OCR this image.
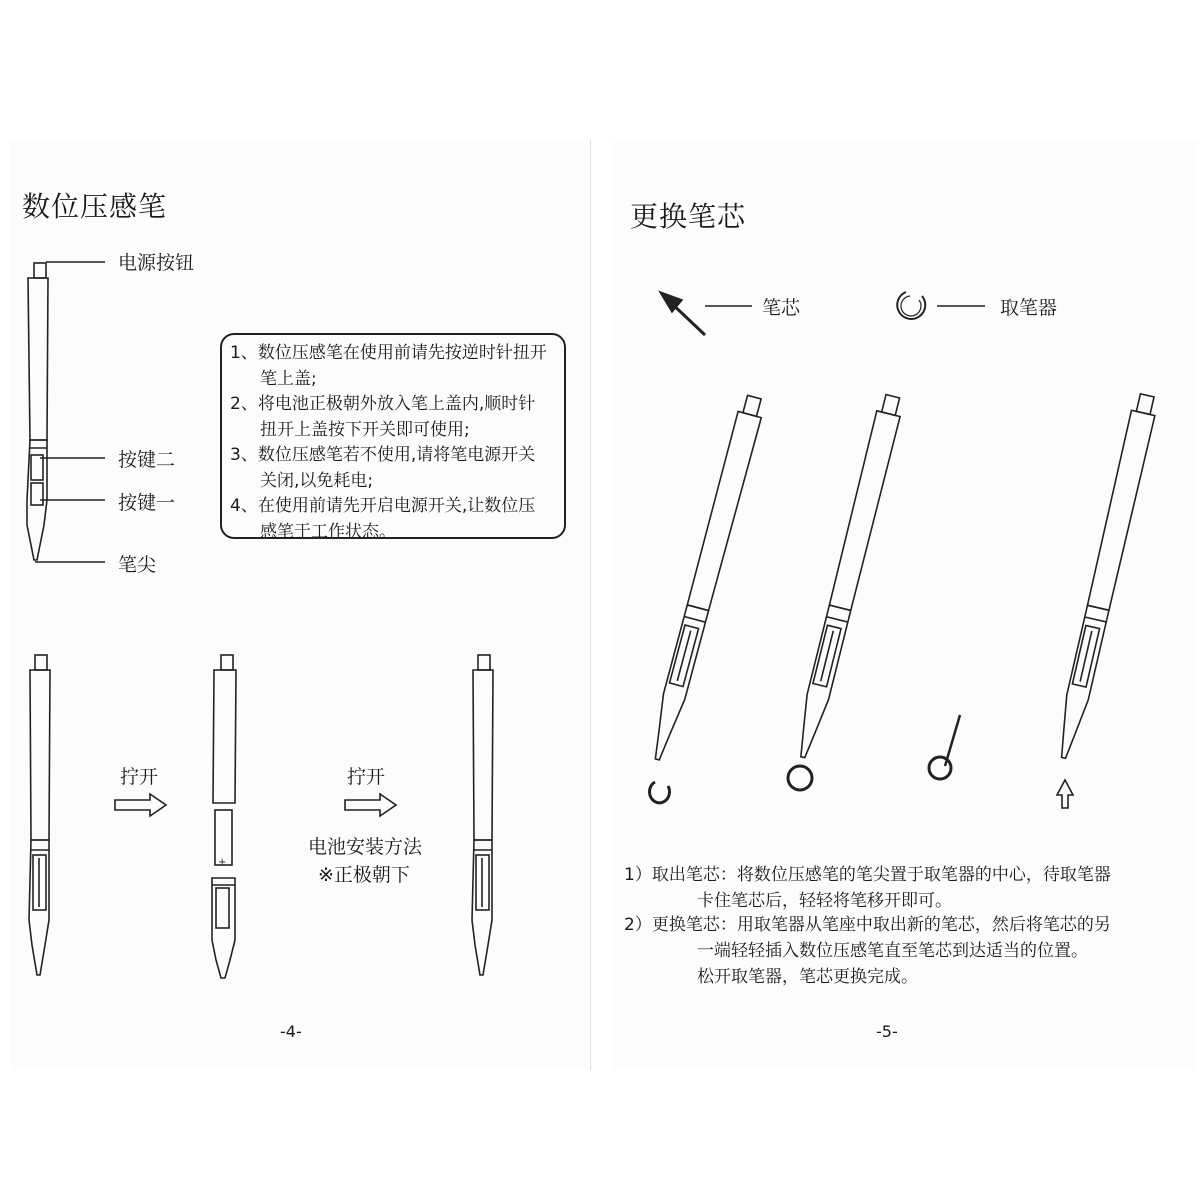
+
数位压感笔
电源按钮
按键二
按键一
笔尖
1、数位压感笔在使用前请先按逆时针扭开
笔上盖;
2、将电池正极朝外放入笔上盖内,顺时针
扭开上盖按下开关即可使用;
3、数位压感笔若不使用,请将笔电源开关
关闭,以免耗电;
4、在使用前请先开启电源开关,让数位压
感笔于工作状态。
拧开	拧开
电池安装方法
※正极朝下
-4-
更换笔芯
笔芯	取笔器
1）取出笔芯：将数位压感笔的笔尖置于取笔器的中心，待取笔器
卡住笔芯后，轻轻将笔移开即可。
2）更换笔芯：用取笔器从笔座中取出新的笔芯，然后将笔芯的另
一端轻轻插入数位压感笔直至笔芯到达适当的位置。
松开取笔器，笔芯更换完成。
-5-
